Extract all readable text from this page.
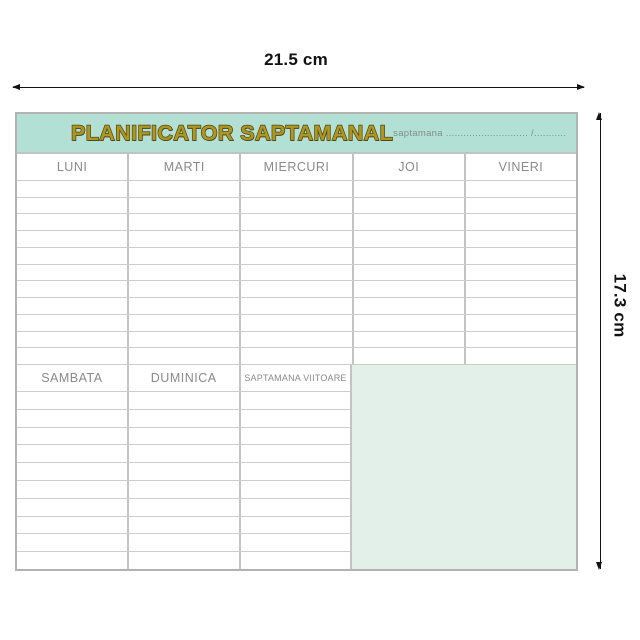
21.5 cm
17.3 cm
PLANIFICATOR SAPTAMANAL saptamana ............................ /...........
LUNI	MARTI	MIERCURI	JOI	VINERI
SAMBATA	DUMINICA	SAPTAMANA VIITOARE
